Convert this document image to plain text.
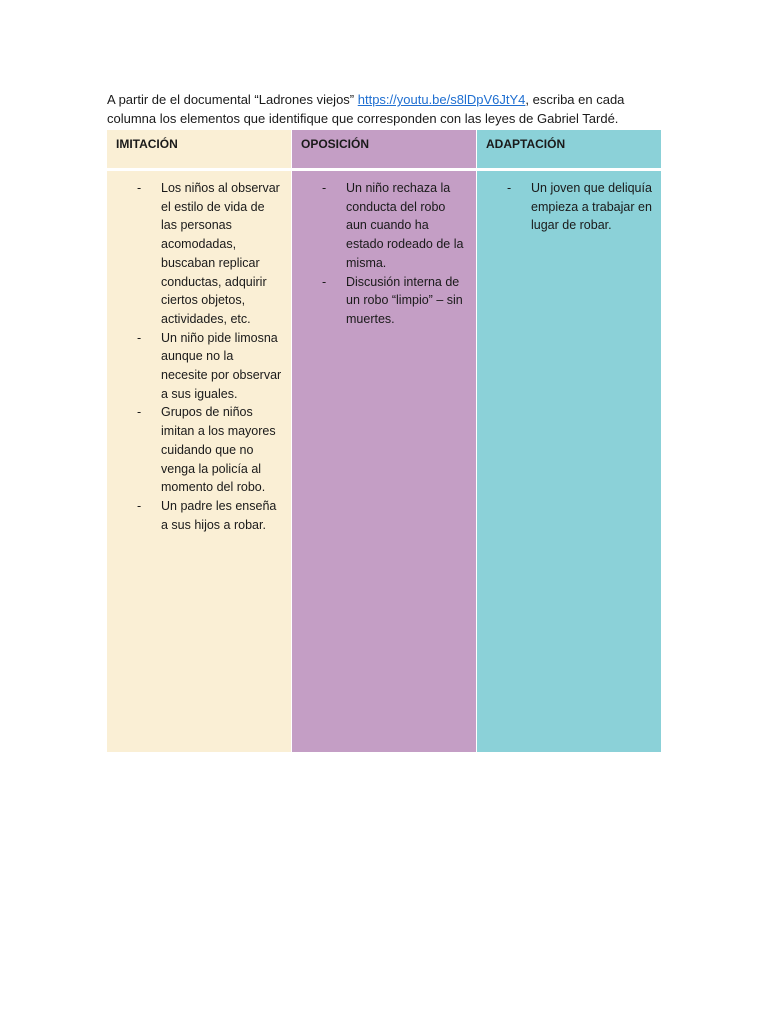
A partir de el documental “Ladrones viejos” https://youtu.be/s8lDpV6JtY4, escriba en cada columna los elementos que identifique que corresponden con las leyes de Gabriel Tardé.

IMITACIÓN
- Los niños al observar el estilo de vida de las personas acomodadas, buscaban replicar conductas, adquirir ciertos objetos, actividades, etc.
- Un niño pide limosna aunque no la necesite por observar a sus iguales.
- Grupos de niños imitan a los mayores cuidando que no venga la policía al momento del robo.
- Un padre les enseña a sus hijos a robar.
OPOSICIÓN
- Un niño rechaza la conducta del robo aun cuando ha estado rodeado de la misma.
- Discusión interna de un robo “limpio” – sin muertes.
ADAPTACIÓN
- Un joven que deliquía empieza a trabajar en lugar de robar.
